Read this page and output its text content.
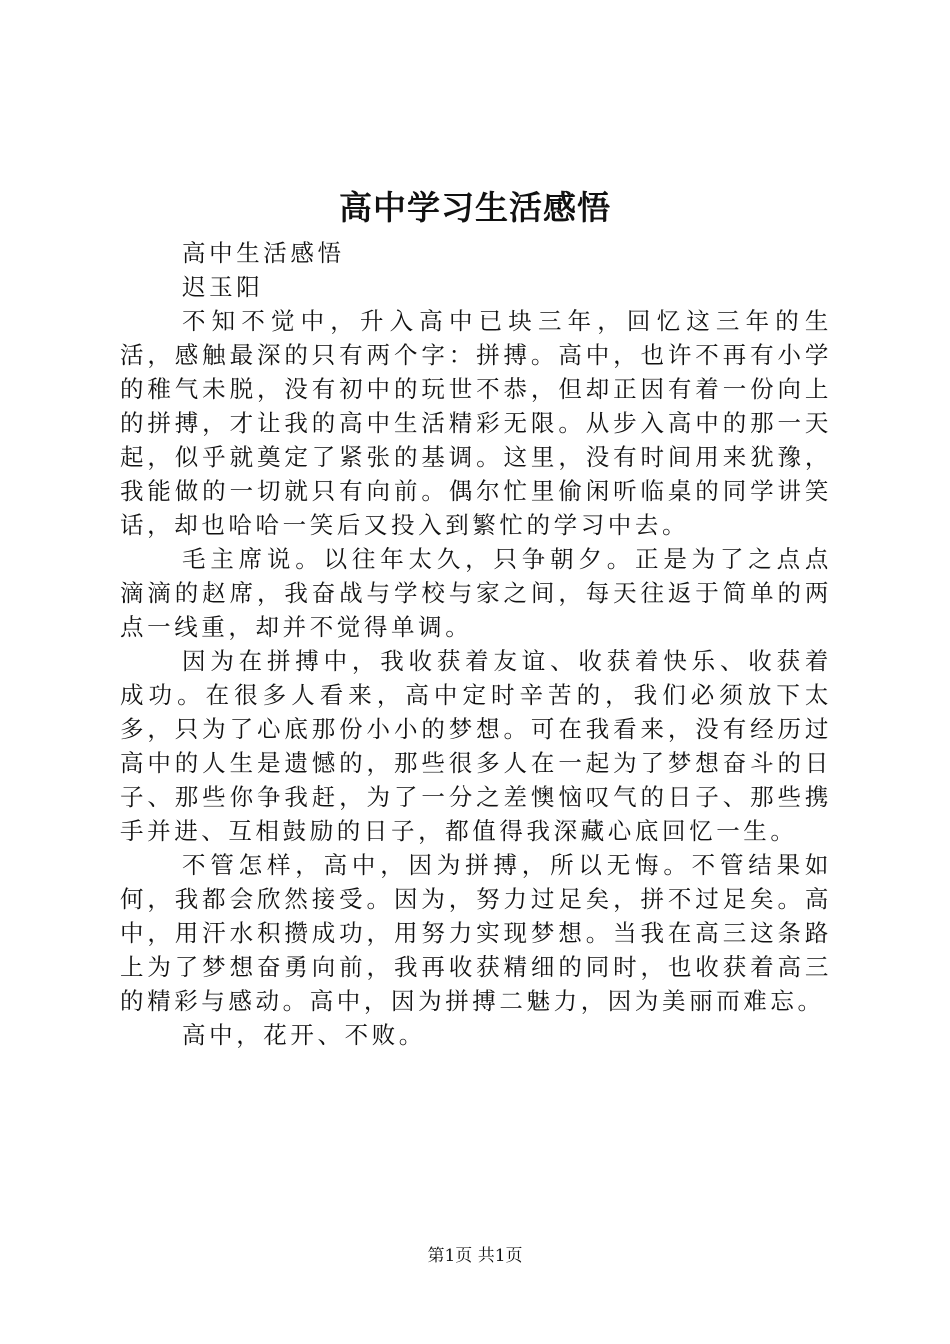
高中学习生活感悟

高中生活感悟

迟玉阳

不知不觉中，升入高中已块三年，回忆这三年的生活，感触最深的只有两个字：拼搏。高中，也许不再有小学的稚气未脱，没有初中的玩世不恭，但却正因有着一份向上的拼搏，才让我的高中生活精彩无限。从步入高中的那一天起，似乎就奠定了紧张的基调。这里，没有时间用来犹豫，我能做的一切就只有向前。偶尔忙里偷闲听临桌的同学讲笑话，却也哈哈一笑后又投入到繁忙的学习中去。

毛主席说。以往年太久，只争朝夕。正是为了之点点滴滴的赵席，我奋战与学校与家之间，每天往返于简单的两点一线重，却并不觉得单调。

因为在拼搏中，我收获着友谊、收获着快乐、收获着成功。在很多人看来，高中定时辛苦的，我们必须放下太多，只为了心底那份小小的梦想。可在我看来，没有经历过高中的人生是遗憾的，那些很多人在一起为了梦想奋斗的日子、那些你争我赶，为了一分之差懊恼叹气的日子、那些携手并进、互相鼓励的日子，都值得我深藏心底回忆一生。

不管怎样，高中，因为拼搏，所以无悔。不管结果如何，我都会欣然接受。因为，努力过足矣，拼不过足矣。高中，用汗水积攒成功，用努力实现梦想。当我在高三这条路上为了梦想奋勇向前，我再收获精细的同时，也收获着高三的精彩与感动。高中，因为拼搏二魅力，因为美丽而难忘。

高中，花开、不败。

第1页 共1页
